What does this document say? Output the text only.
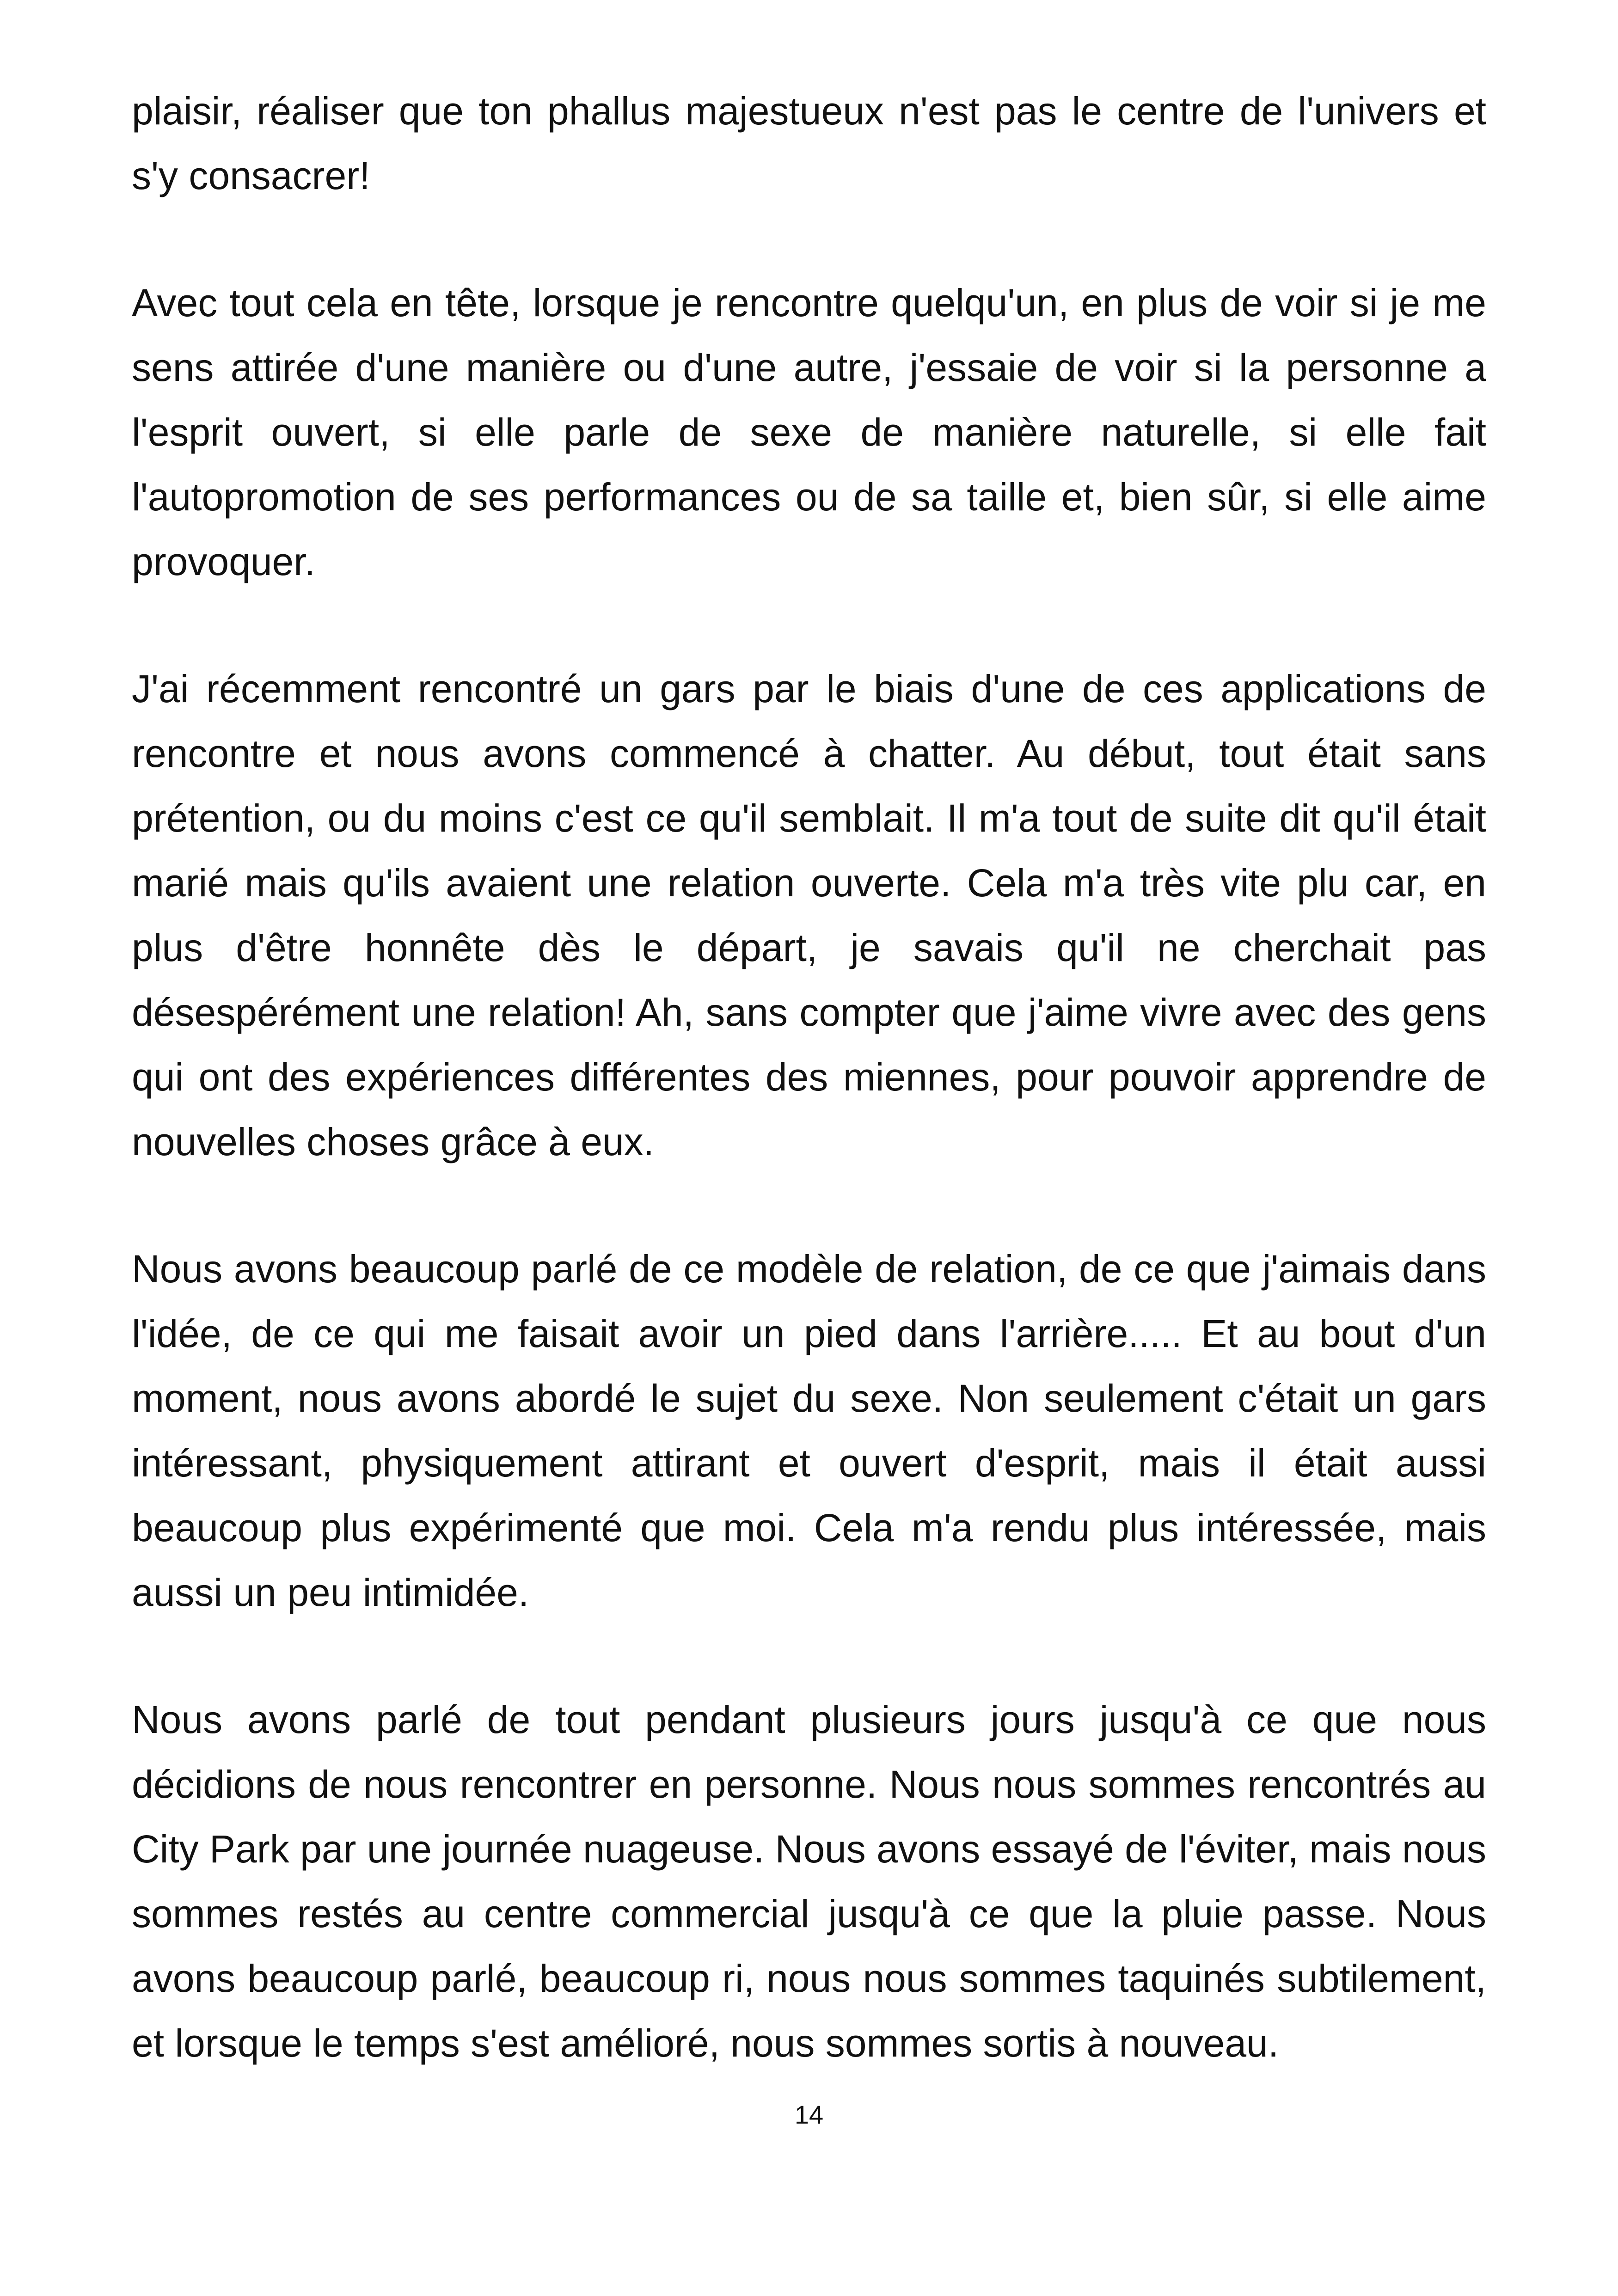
plaisir, réaliser que ton phallus majestueux n'est pas le centre de l'univers et s'y consacrer!

Avec tout cela en tête, lorsque je rencontre quelqu'un, en plus de voir si je me sens attirée d'une manière ou d'une autre, j'essaie de voir si la personne a l'esprit ouvert, si elle parle de sexe de manière naturelle, si elle fait l'autopromotion de ses performances ou de sa taille et, bien sûr, si elle aime provoquer.

J'ai récemment rencontré un gars par le biais d'une de ces applications de rencontre et nous avons commencé à chatter. Au début, tout était sans prétention, ou du moins c'est ce qu'il semblait. Il m'a tout de suite dit qu'il était marié mais qu'ils avaient une relation ouverte. Cela m'a très vite plu car, en plus d'être honnête dès le départ, je savais qu'il ne cherchait pas désespérément une relation! Ah, sans compter que j'aime vivre avec des gens qui ont des expériences différentes des miennes, pour pouvoir apprendre de nouvelles choses grâce à eux.

Nous avons beaucoup parlé de ce modèle de relation, de ce que j'aimais dans l'idée, de ce qui me faisait avoir un pied dans l'arrière..... Et au bout d'un moment, nous avons abordé le sujet du sexe. Non seulement c'était un gars intéressant, physiquement attirant et ouvert d'esprit, mais il était aussi beaucoup plus expérimenté que moi. Cela m'a rendu plus intéressée, mais aussi un peu intimidée.

Nous avons parlé de tout pendant plusieurs jours jusqu'à ce que nous décidions de nous rencontrer en personne. Nous nous sommes rencontrés au City Park par une journée nuageuse. Nous avons essayé de l'éviter, mais nous sommes restés au centre commercial jusqu'à ce que la pluie passe. Nous avons beaucoup parlé, beaucoup ri, nous nous sommes taquinés subtilement, et lorsque le temps s'est amélioré, nous sommes sortis à nouveau.

14
